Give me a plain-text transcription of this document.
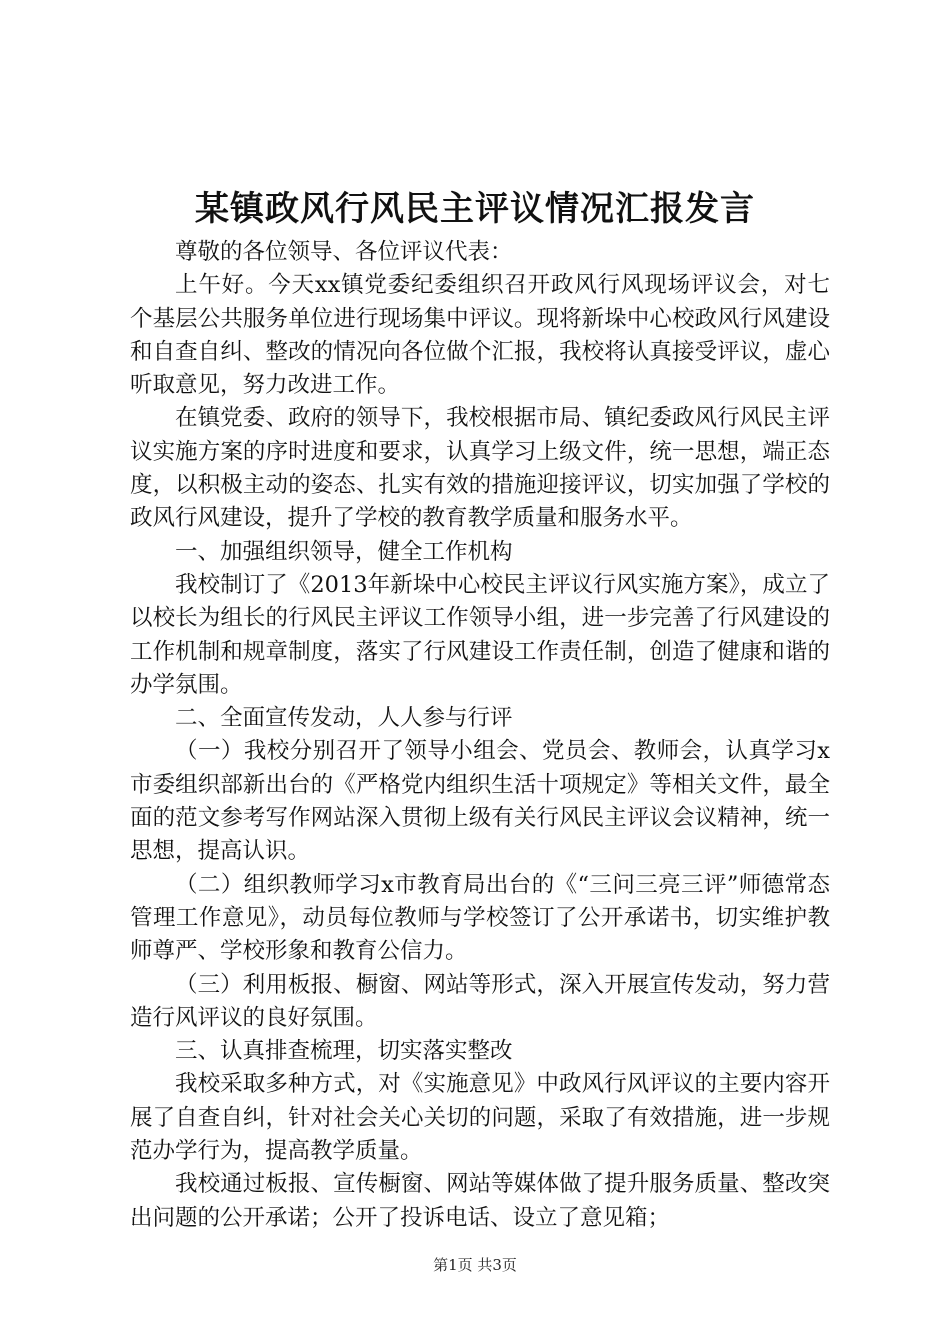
某镇政风行风民主评议情况汇报发言

尊敬的各位领导、各位评议代表：

上午好。今天xx镇党委纪委组织召开政风行风现场评议会，对七个基层公共服务单位进行现场集中评议。现将新垛中心校政风行风建设和自查自纠、整改的情况向各位做个汇报，我校将认真接受评议，虚心听取意见，努力改进工作。

在镇党委、政府的领导下，我校根据市局、镇纪委政风行风民主评议实施方案的序时进度和要求，认真学习上级文件，统一思想，端正态度，以积极主动的姿态、扎实有效的措施迎接评议，切实加强了学校的政风行风建设，提升了学校的教育教学质量和服务水平。

一、加强组织领导，健全工作机构

我校制订了《2013年新垛中心校民主评议行风实施方案》，成立了以校长为组长的行风民主评议工作领导小组，进一步完善了行风建设的工作机制和规章制度，落实了行风建设工作责任制，创造了健康和谐的办学氛围。

二、全面宣传发动，人人参与行评

（一）我校分别召开了领导小组会、党员会、教师会，认真学习x市委组织部新出台的《严格党内组织生活十项规定》等相关文件，最全面的范文参考写作网站深入贯彻上级有关行风民主评议会议精神，统一思想，提高认识。

（二）组织教师学习x市教育局出台的《“三问三亮三评”师德常态管理工作意见》，动员每位教师与学校签订了公开承诺书，切实维护教师尊严、学校形象和教育公信力。

（三）利用板报、橱窗、网站等形式，深入开展宣传发动，努力营造行风评议的良好氛围。

三、认真排查梳理，切实落实整改

我校采取多种方式，对《实施意见》中政风行风评议的主要内容开展了自查自纠，针对社会关心关切的问题，采取了有效措施，进一步规范办学行为，提高教学质量。

我校通过板报、宣传橱窗、网站等媒体做了提升服务质量、整改突出问题的公开承诺；公开了投诉电话、设立了意见箱；

第1页 共3页
